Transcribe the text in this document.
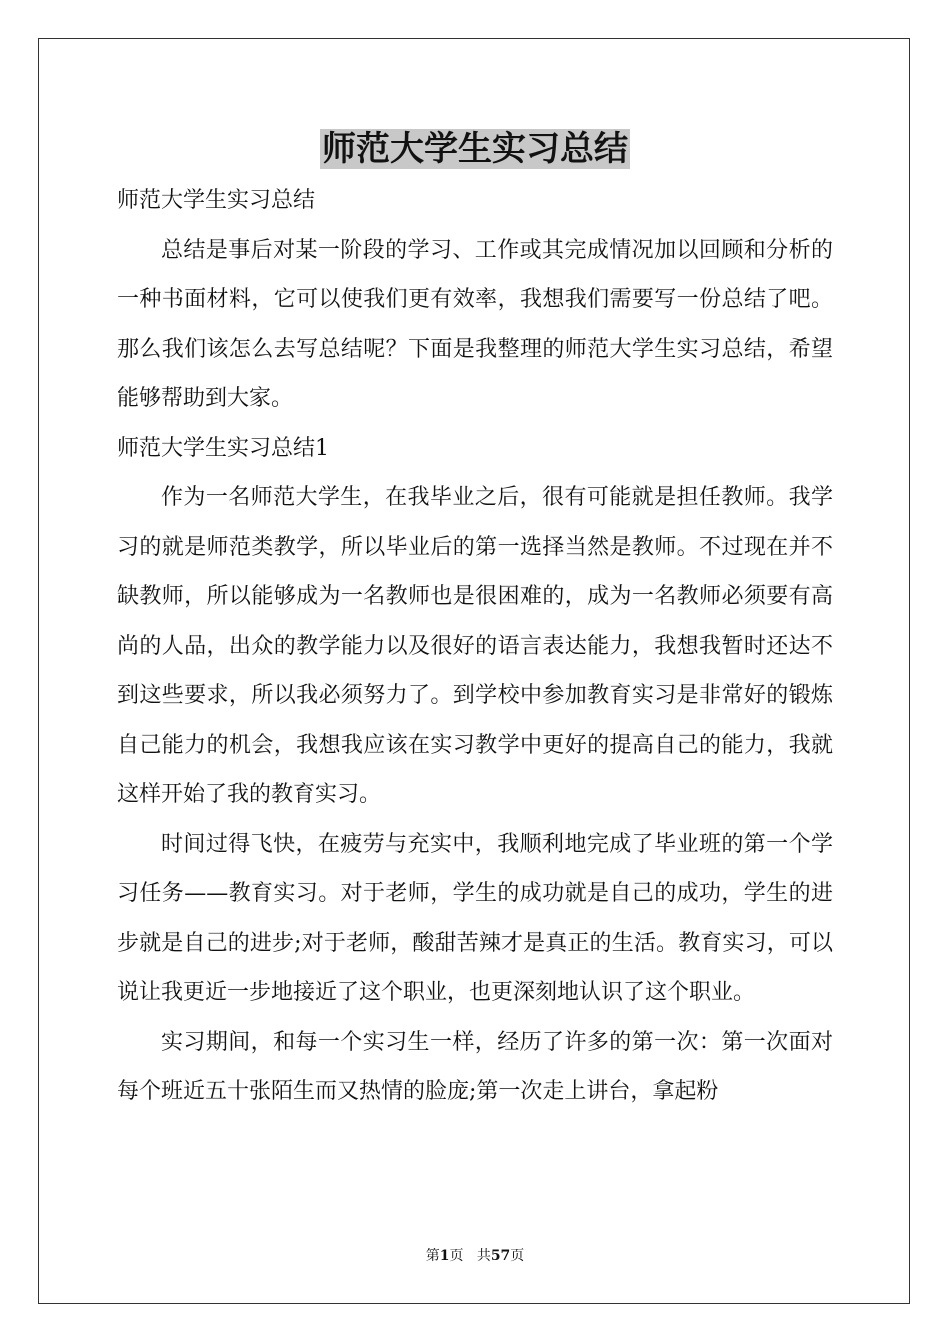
师范大学生实习总结

师范大学生实习总结

总结是事后对某一阶段的学习、工作或其完成情况加以回顾和分析的一种书面材料，它可以使我们更有效率，我想我们需要写一份总结了吧。那么我们该怎么去写总结呢？下面是我整理的师范大学生实习总结，希望能够帮助到大家。

师范大学生实习总结1

作为一名师范大学生，在我毕业之后，很有可能就是担任教师。我学习的就是师范类教学，所以毕业后的第一选择当然是教师。不过现在并不缺教师，所以能够成为一名教师也是很困难的，成为一名教师必须要有高尚的人品，出众的教学能力以及很好的语言表达能力，我想我暂时还达不到这些要求，所以我必须努力了。到学校中参加教育实习是非常好的锻炼自己能力的机会，我想我应该在实习教学中更好的提高自己的能力，我就这样开始了我的教育实习。

时间过得飞快，在疲劳与充实中，我顺利地完成了毕业班的第一个学习任务——教育实习。对于老师，学生的成功就是自己的成功，学生的进步就是自己的进步;对于老师，酸甜苦辣才是真正的生活。教育实习，可以说让我更近一步地接近了这个职业，也更深刻地认识了这个职业。

实习期间，和每一个实习生一样，经历了许多的第一次：第一次面对每个班近五十张陌生而又热情的脸庞;第一次走上讲台，拿起粉

第1页 共57页
